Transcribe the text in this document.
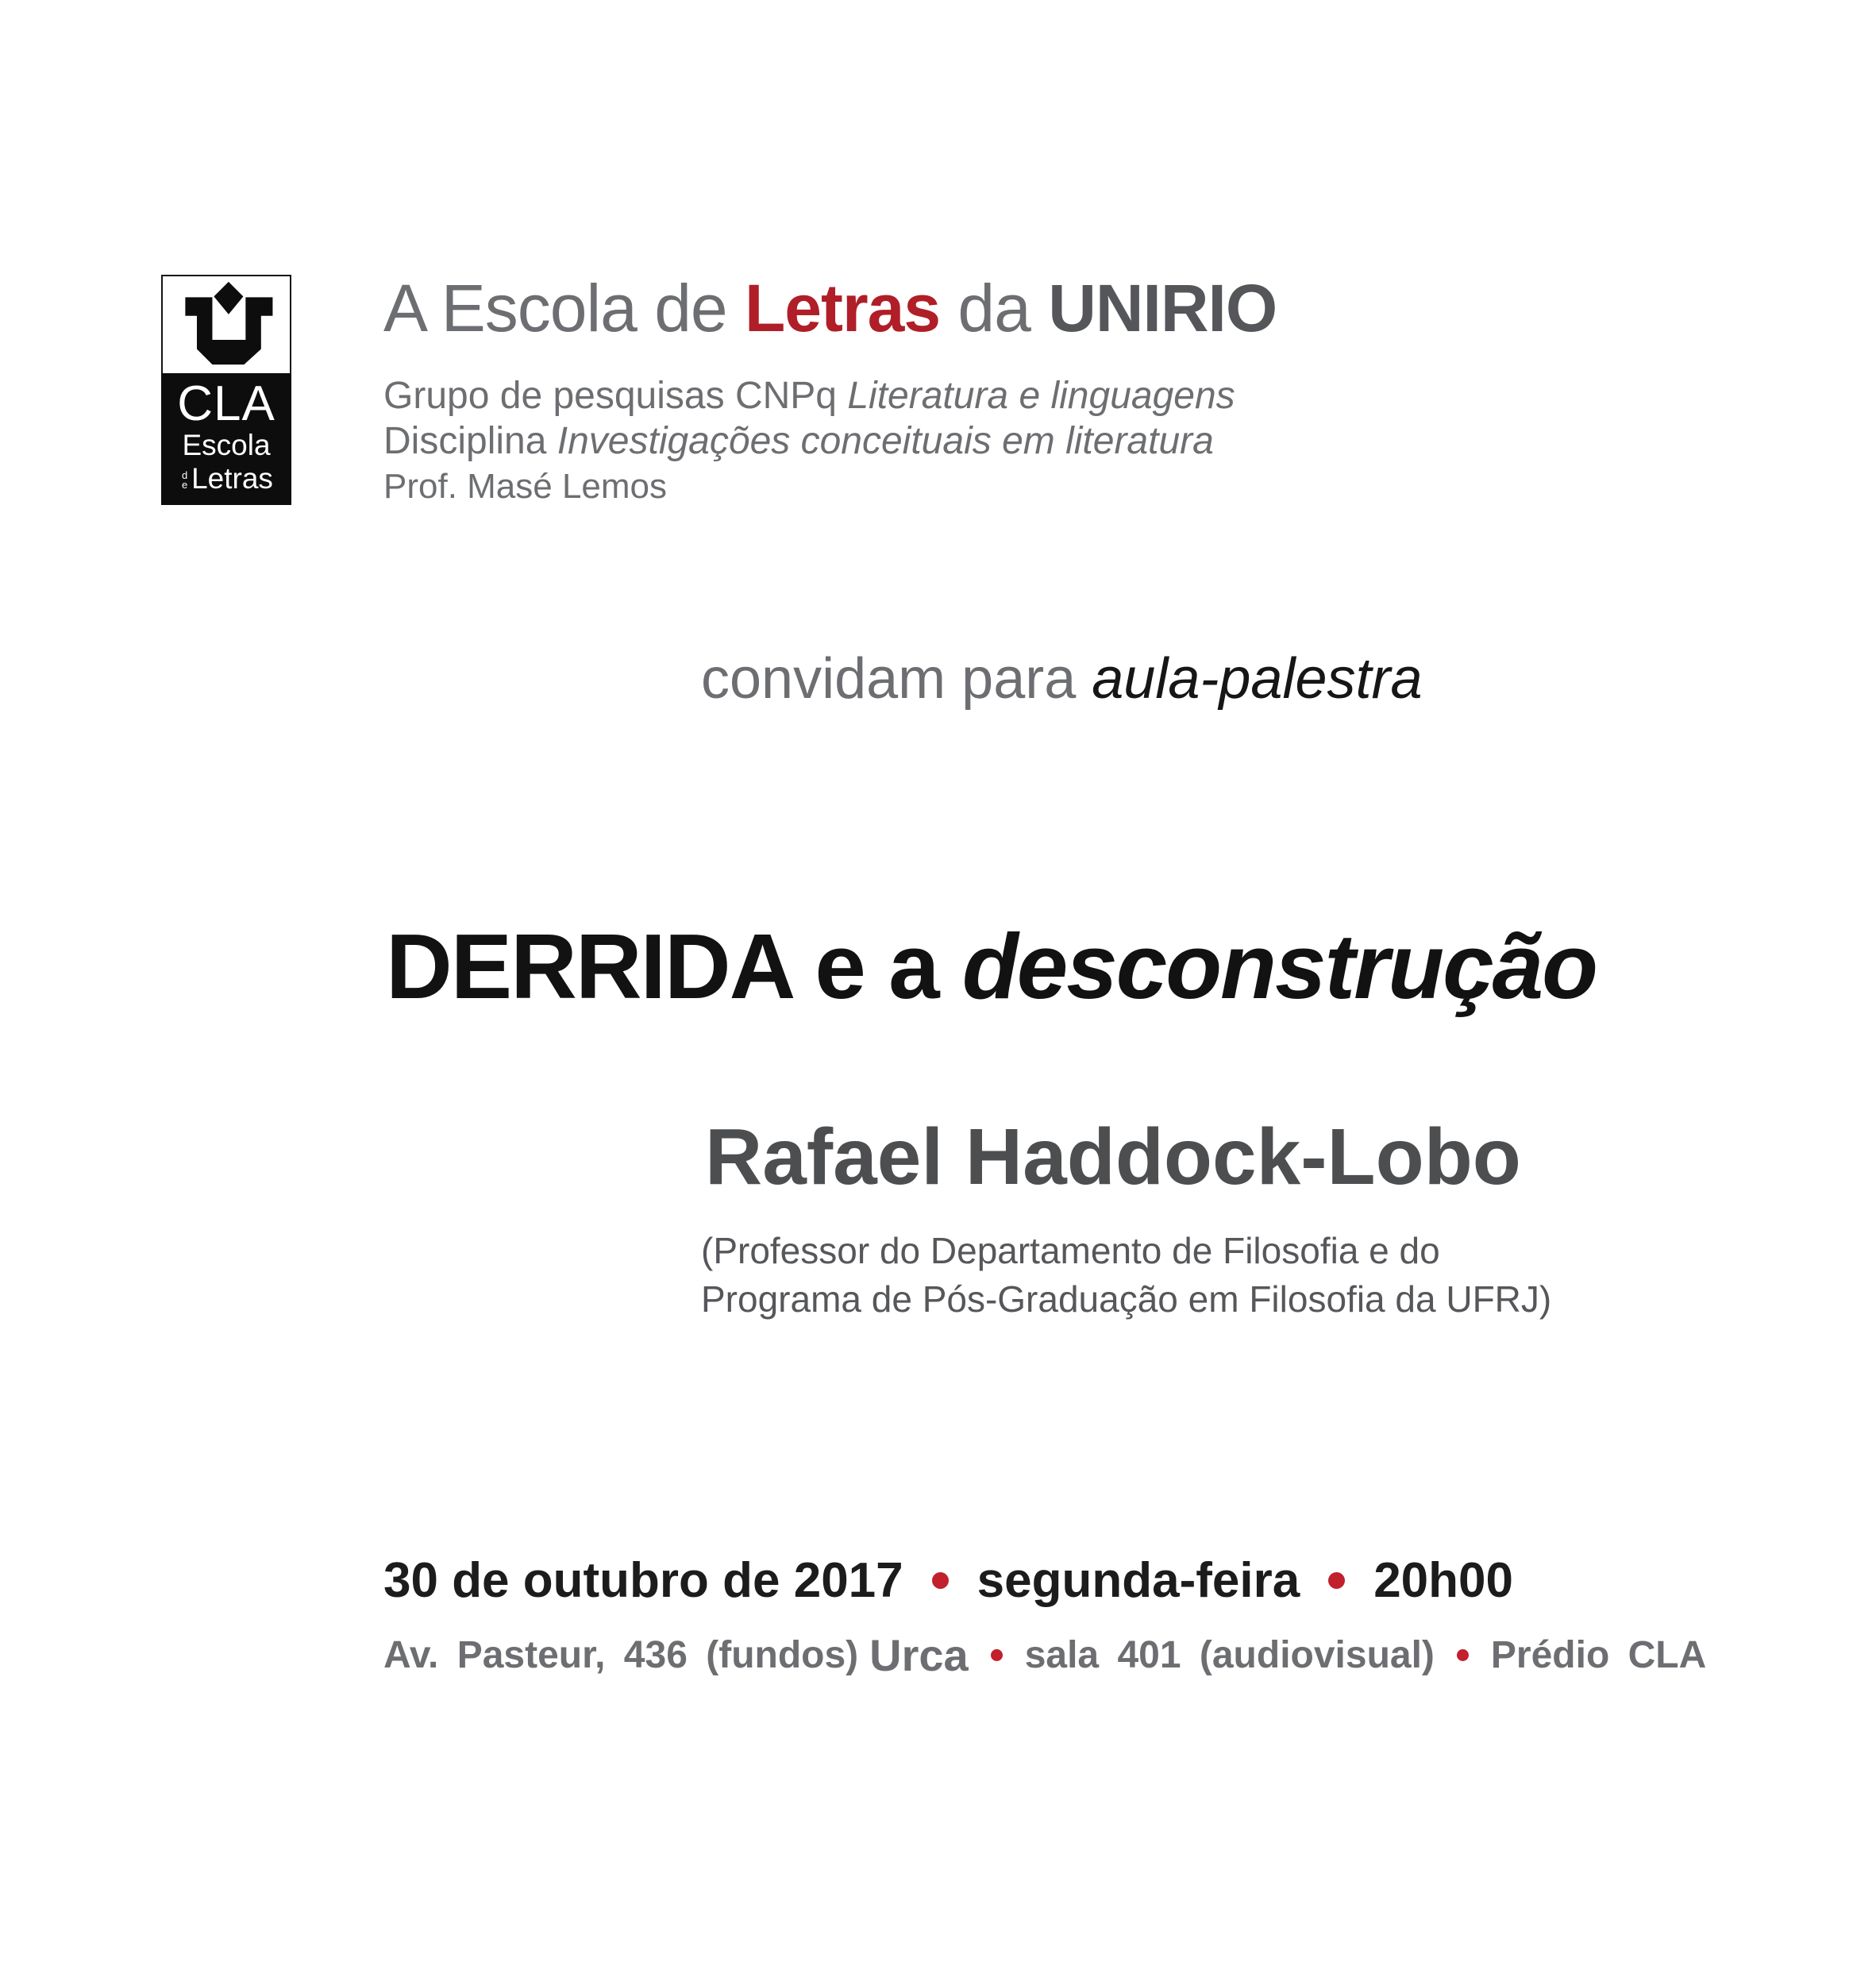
CLA
Escola
de Letras
A Escola de Letras da UNIRIO
Grupo de pesquisas CNPq Literatura e linguagens
Disciplina Investigações conceituais em literatura
Prof. Masé Lemos
convidam para aula-palestra
DERRIDA e a desconstrução
Rafael Haddock-Lobo
(Professor do Departamento de Filosofia e do
Programa de Pós-Graduação em Filosofia da UFRJ)
30 de outubro de 2017 segunda-feira 20h00
Av. Pasteur, 436 (fundos) Urca sala 401 (audiovisual) Prédio CLA
